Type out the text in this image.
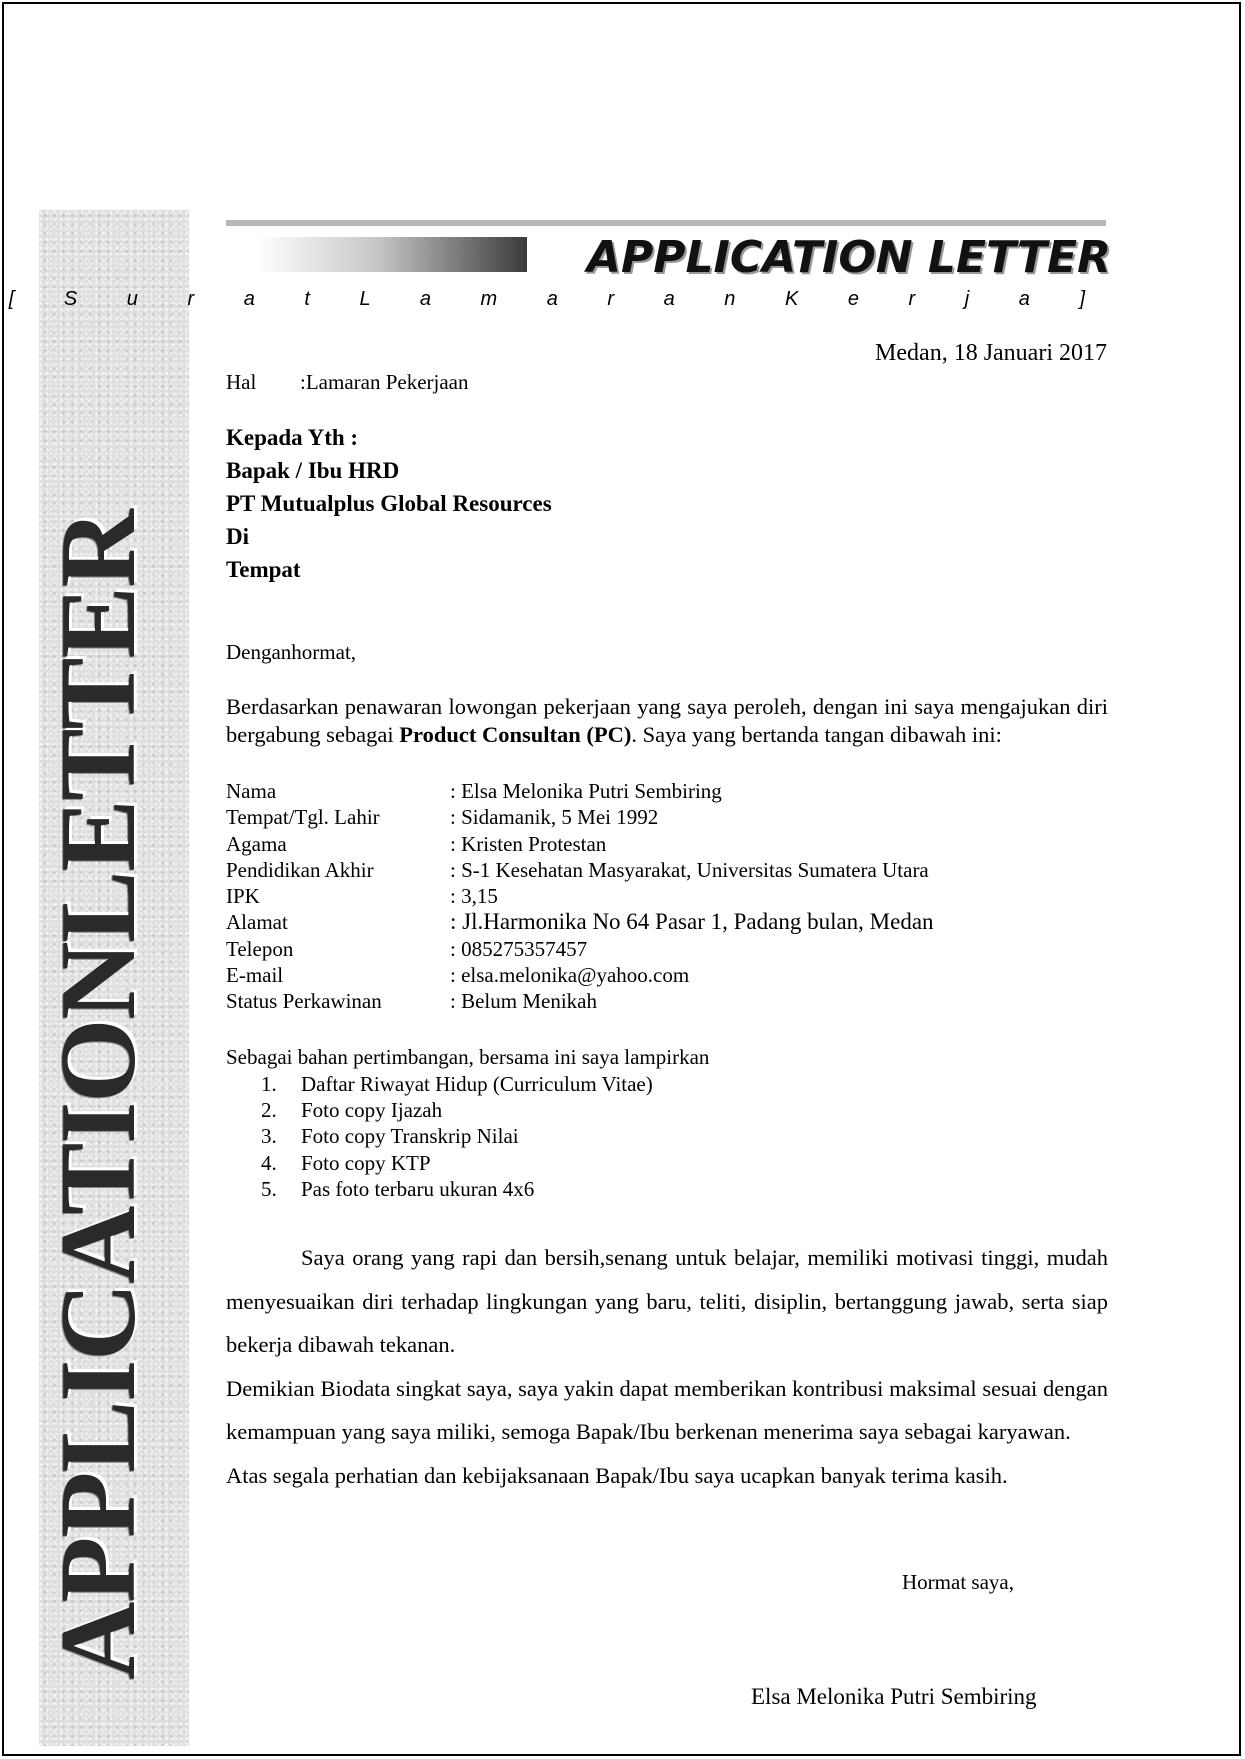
APPLICATIONLETTER
APPLICATION LETTER
[ S u r a t L a m a r a n K e r j a ]
Medan, 18 Januari 2017
Hal :Lamaran Pekerjaan
Kepada Yth :
Bapak / Ibu HRD
PT Mutualplus Global Resources
Di
Tempat
Denganhormat,
Berdasarkan penawaran lowongan pekerjaan yang saya peroleh, dengan ini saya mengajukan diri bergabung sebagai Product Consultan (PC). Saya yang bertanda tangan dibawah ini:
Nama	: Elsa Melonika Putri Sembiring
Tempat/Tgl. Lahir	: Sidamanik, 5 Mei 1992
Agama	: Kristen Protestan
Pendidikan Akhir	: S-1 Kesehatan Masyarakat, Universitas Sumatera Utara
IPK	: 3,15
Alamat	: Jl.Harmonika No 64 Pasar 1, Padang bulan, Medan
Telepon	: 085275357457
E-mail	: elsa.melonika@yahoo.com
Status Perkawinan	: Belum Menikah
Sebagai bahan pertimbangan, bersama ini saya lampirkan
1.	Daftar Riwayat Hidup (Curriculum Vitae)
2.	Foto copy Ijazah
3.	Foto copy Transkrip Nilai
4.	Foto copy KTP
5.	Pas foto terbaru ukuran 4x6

Saya orang yang rapi dan bersih,senang untuk belajar, memiliki motivasi tinggi, mudah menyesuaikan diri terhadap lingkungan yang baru, teliti, disiplin, bertanggung jawab, serta siap bekerja dibawah tekanan.

Demikian Biodata singkat saya, saya yakin dapat memberikan kontribusi maksimal sesuai dengan kemampuan yang saya miliki, semoga Bapak/Ibu berkenan menerima saya sebagai karyawan.

Atas segala perhatian dan kebijaksanaan Bapak/Ibu saya ucapkan banyak terima kasih.

Hormat saya,
Elsa Melonika Putri Sembiring
